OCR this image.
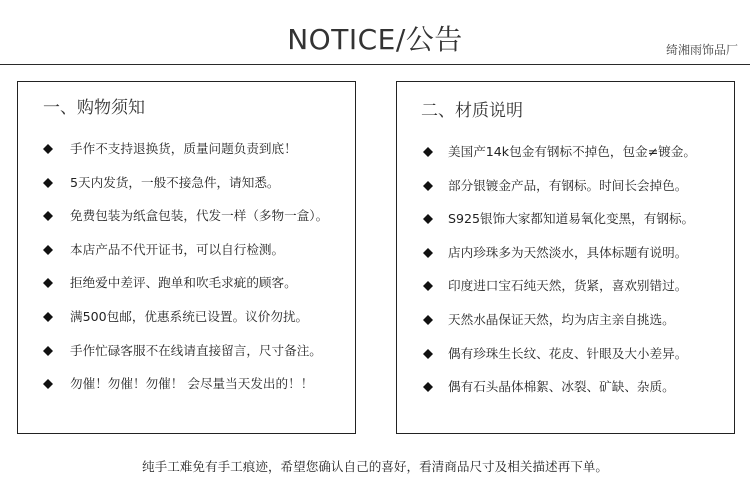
NOTICE/公告	绮湘雨饰品厂
一、购物须知
手作不支持退换货，质量问题负责到底！
5天内发货，一般不接急件，请知悉。
免费包装为纸盒包装，代发一样（多物一盒）。
本店产品不代开证书，可以自行检测。
拒绝爱中差评、跑单和吹毛求疵的顾客。
满500包邮，优惠系统已设置。议价勿扰。
手作忙碌客服不在线请直接留言，尺寸备注。
勿催！勿催！勿催！ 会尽量当天发出的！！
二、材质说明
美国产14k包金有钢标不掉色，包金≠镀金。
部分银镀金产品，有钢标。时间长会掉色。
S925银饰大家都知道易氧化变黑，有钢标。
店内珍珠多为天然淡水，具体标题有说明。
印度进口宝石纯天然，货紧，喜欢别错过。
天然水晶保证天然，均为店主亲自挑选。
偶有珍珠生长纹、花皮、针眼及大小差异。
偶有石头晶体棉絮、冰裂、矿缺、杂质。
纯手工难免有手工痕迹，希望您确认自己的喜好，看清商品尺寸及相关描述再下单。
